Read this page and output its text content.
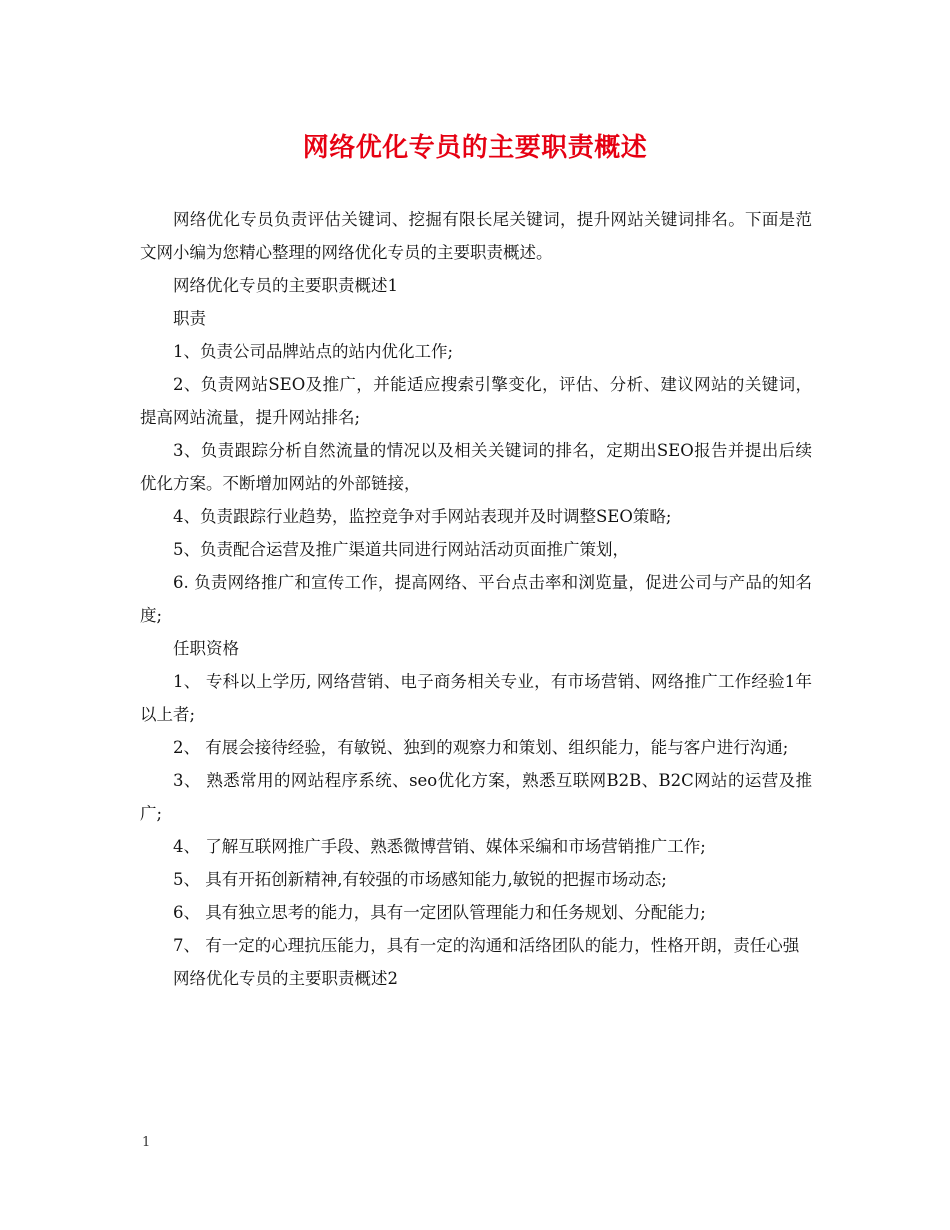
网络优化专员的主要职责概述

网络优化专员负责评估关键词、挖掘有限长尾关键词，提升网站关键词排名。下面是范文网小编为您精心整理的网络优化专员的主要职责概述。

网络优化专员的主要职责概述1

职责

1、负责公司品牌站点的站内优化工作;

2、负责网站SEO及推广，并能适应搜索引擎变化，评估、分析、建议网站的关键词，提高网站流量，提升网站排名;

3、负责跟踪分析自然流量的情况以及相关关键词的排名，定期出SEO报告并提出后续优化方案。不断增加网站的外部链接，

4、负责跟踪行业趋势，监控竞争对手网站表现并及时调整SEO策略;

5、负责配合运营及推广渠道共同进行网站活动页面推广策划，

6. 负责网络推广和宣传工作，提高网络、平台点击率和浏览量，促进公司与产品的知名度;

任职资格

1、 专科以上学历, 网络营销、电子商务相关专业，有市场营销、网络推广工作经验1年以上者;

2、 有展会接待经验，有敏锐、独到的观察力和策划、组织能力，能与客户进行沟通;

3、 熟悉常用的网站程序系统、seo优化方案，熟悉互联网B2B、B2C网站的运营及推广;

4、 了解互联网推广手段、熟悉微博营销、媒体采编和市场营销推广工作;

5、 具有开拓创新精神,有较强的市场感知能力,敏锐的把握市场动态;

6、 具有独立思考的能力，具有一定团队管理能力和任务规划、分配能力;

7、 有一定的心理抗压能力，具有一定的沟通和活络团队的能力，性格开朗，责任心强

网络优化专员的主要职责概述2

1
